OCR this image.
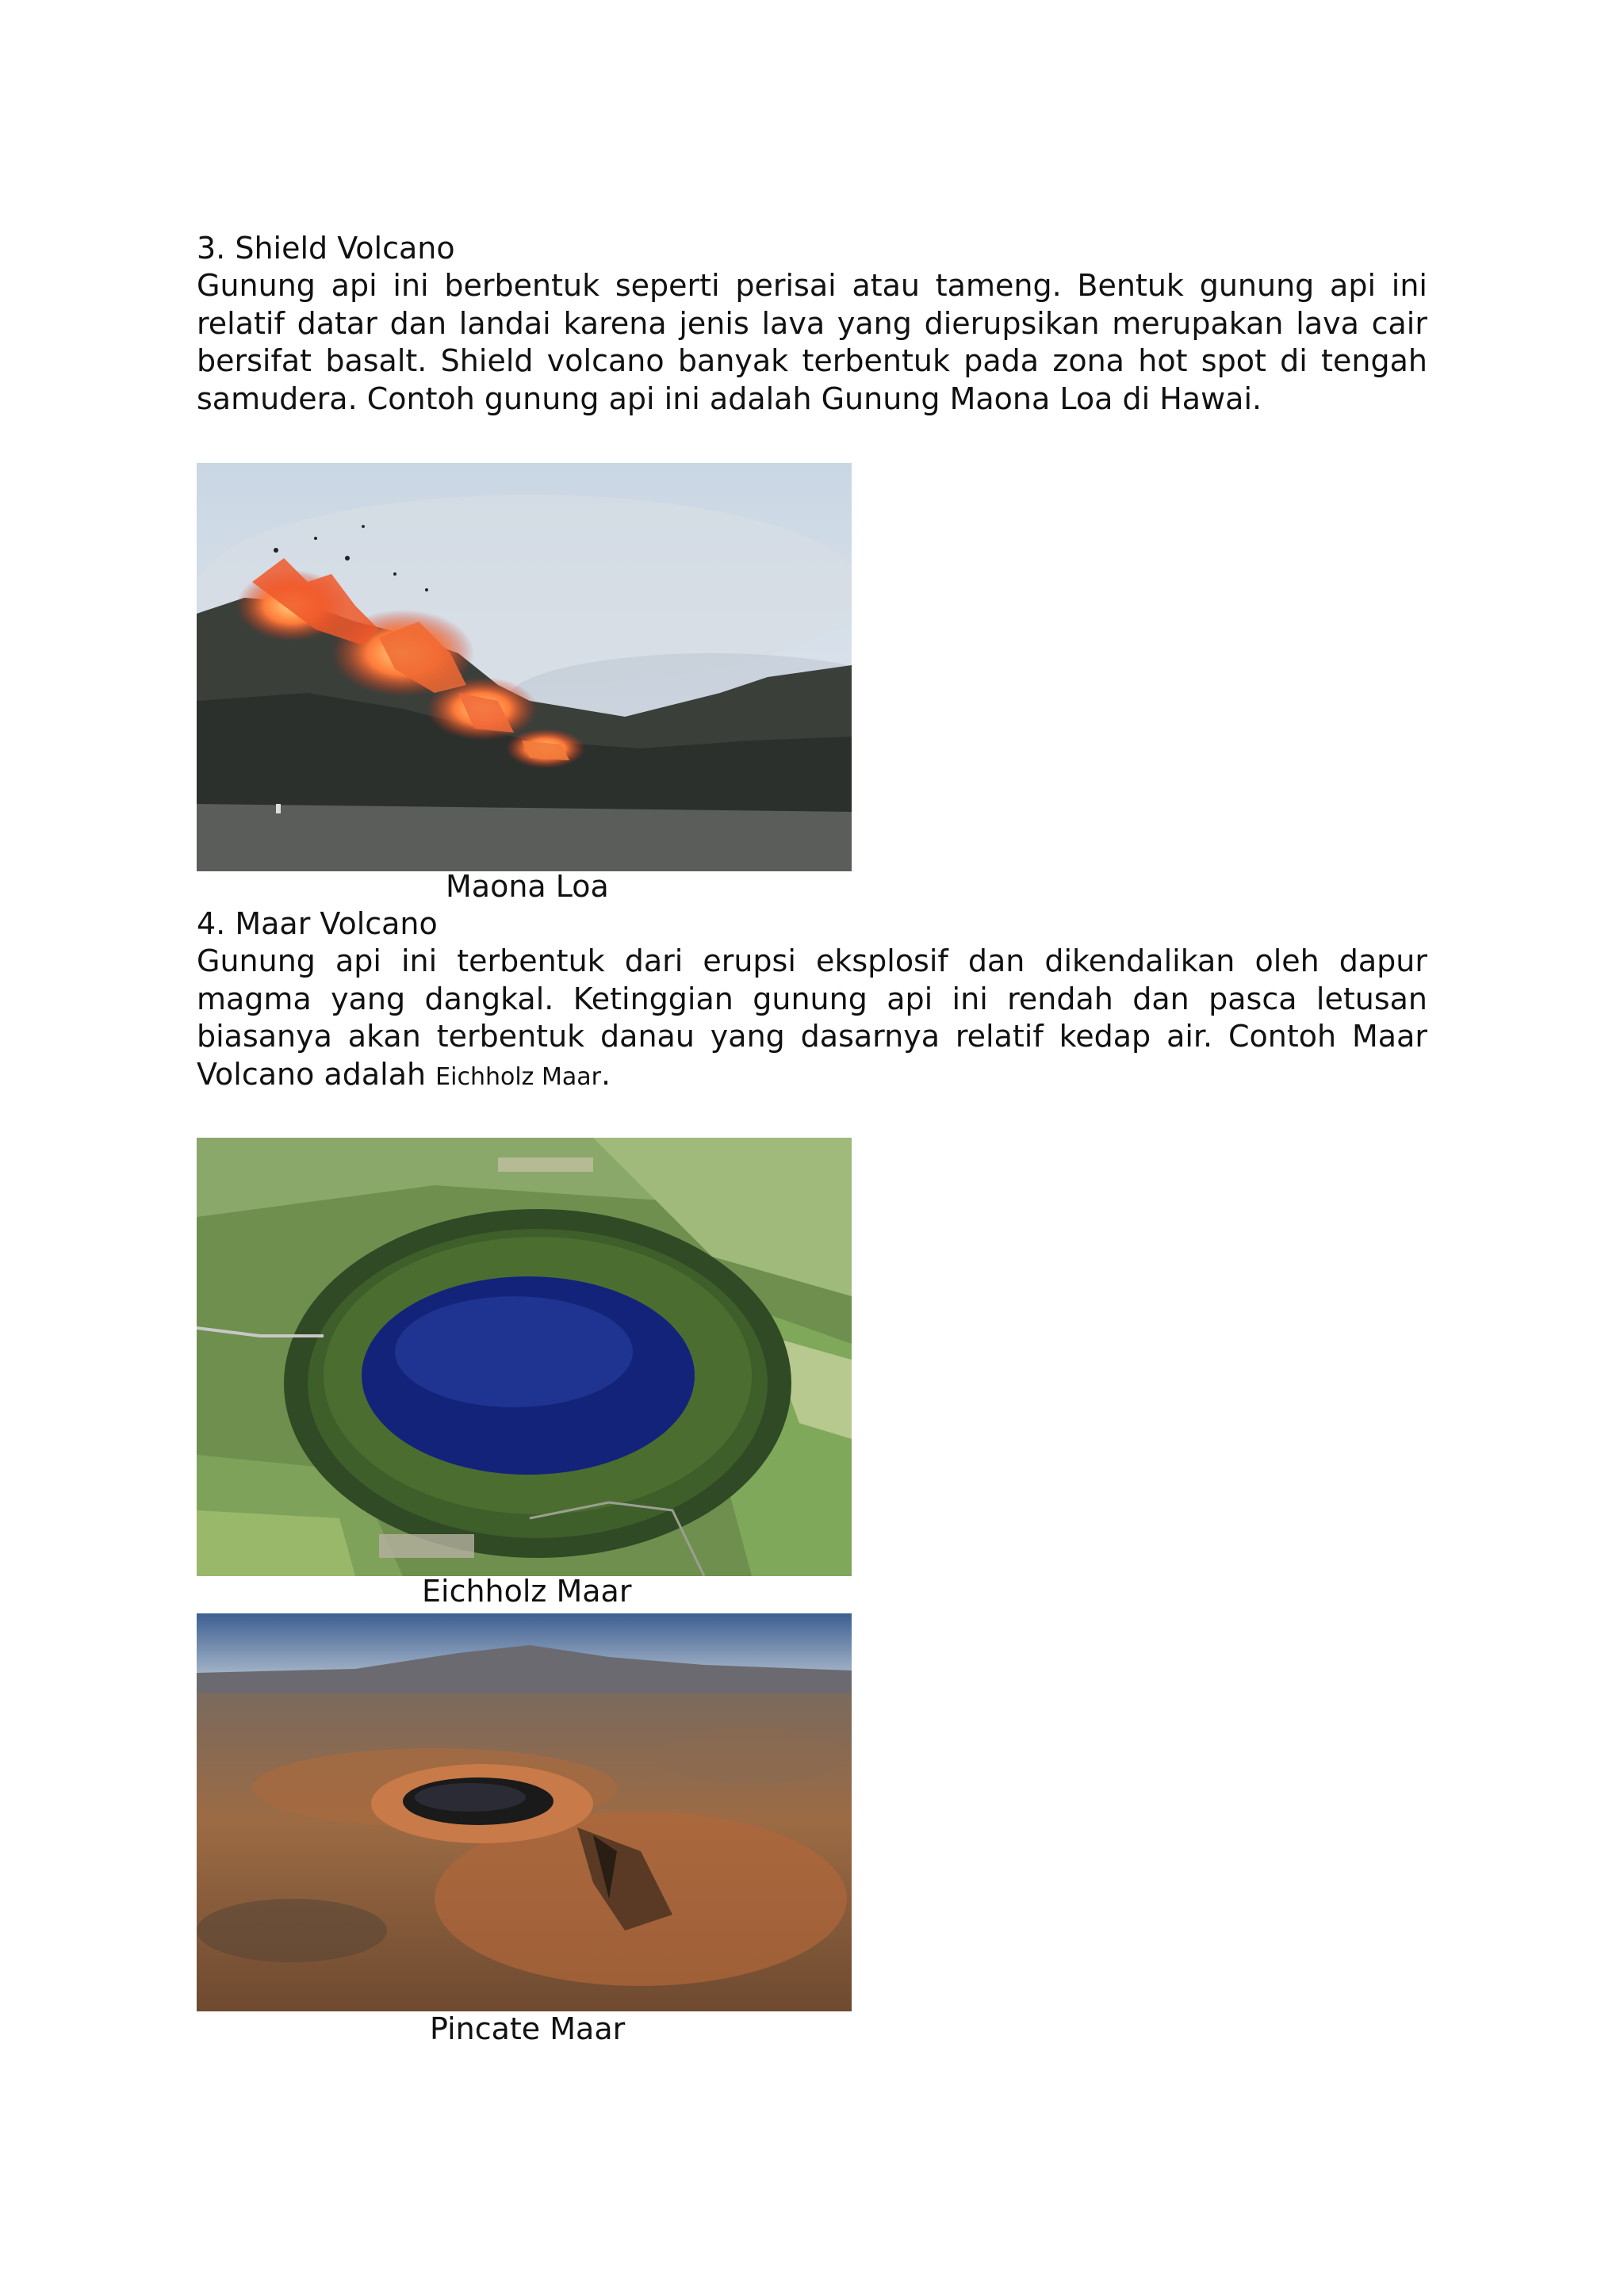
3. Shield Volcano

Gunung api ini berbentuk seperti perisai atau tameng. Bentuk gunung api ini relatif datar dan landai karena jenis lava yang dierupsikan merupakan lava cair bersifat basalt. Shield volcano banyak terbentuk pada zona hot spot di tengah samudera. Contoh gunung api ini adalah Gunung Maona Loa di Hawai.

Maona Loa

4. Maar Volcano

Gunung api ini terbentuk dari erupsi eksplosif dan dikendalikan oleh dapur magma yang dangkal. Ketinggian gunung api ini rendah dan pasca letusan biasanya akan terbentuk danau yang dasarnya relatif kedap air. Contoh Maar Volcano adalah Eichholz Maar.

Eichholz Maar

Pincate Maar
